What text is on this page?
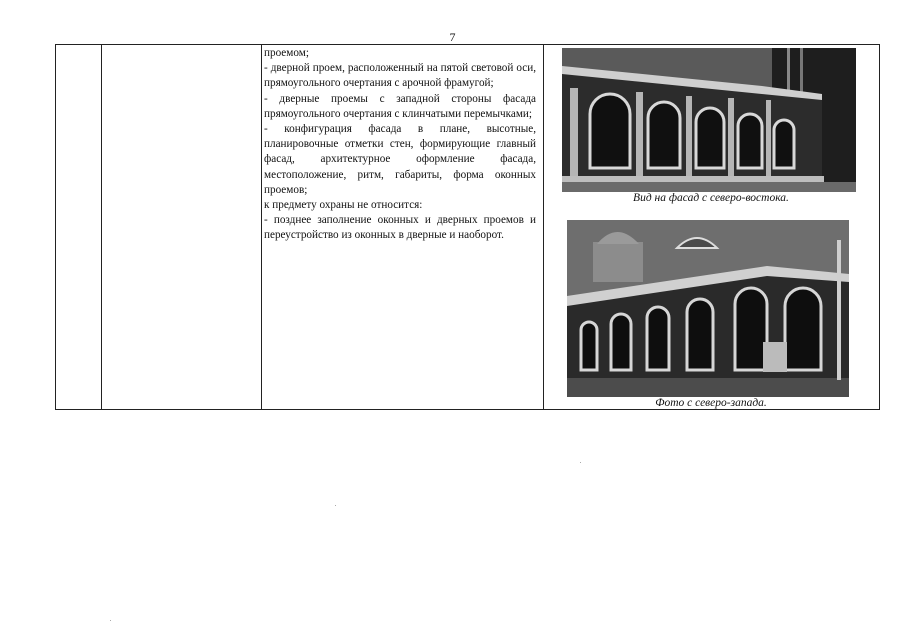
7

проемом;

- дверной проем, расположенный на пятой световой оси, прямоугольного очертания с арочной фрамугой;

- дверные проемы с западной стороны фасада прямоугольного очертания с клинчатыми перемычками;

- конфигурация фасада в плане, высотные, планировочные отметки стен, формирующие главный фасад, архитектурное оформление фасада, местоположение, ритм, габариты, форма оконных проемов;

к предмету охраны не относится:

- позднее заполнение оконных и дверных проемов и переустройство из оконных в дверные и наоборот.

Вид на фасад с северо-востока.
Фото с северо-запада.
